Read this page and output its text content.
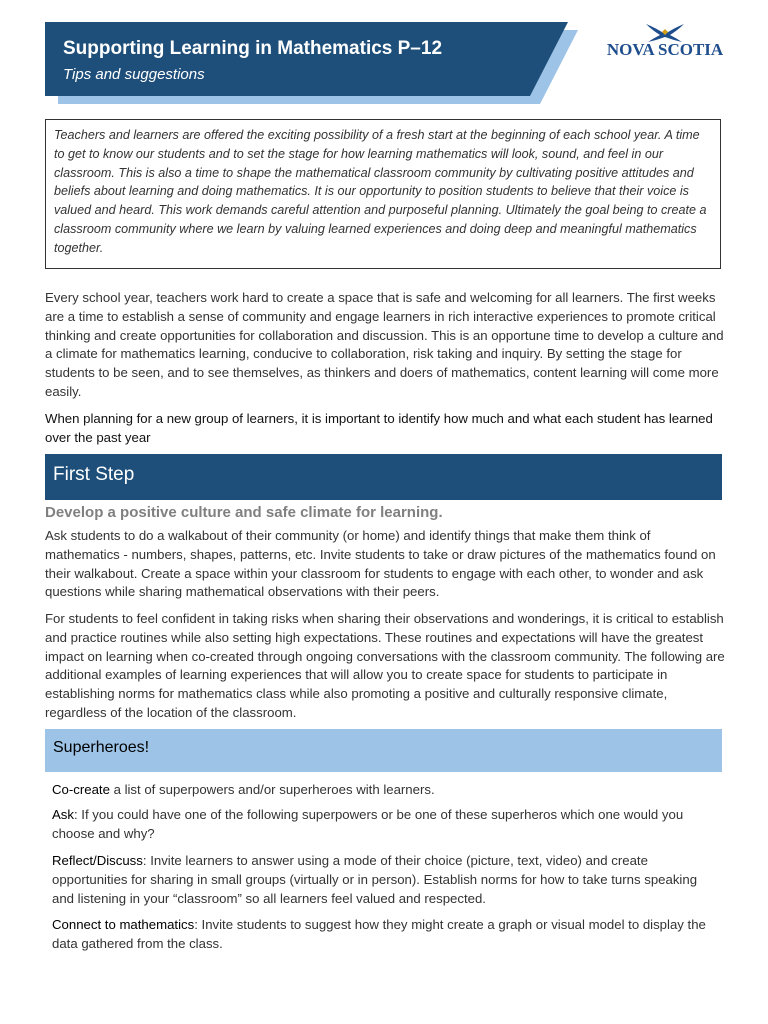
Supporting Learning in Mathematics P–12
Tips and suggestions
NOVA SCOTIA
Teachers and learners are offered the exciting possibility of a fresh start at the beginning of each school year. A time to get to know our students and to set the stage for how learning mathematics will look, sound, and feel in our classroom. This is also a time to shape the mathematical classroom community by cultivating positive attitudes and beliefs about learning and doing mathematics. It is our opportunity to position students to believe that their voice is valued and heard. This work demands careful attention and purposeful planning. Ultimately the goal being to create a classroom community where we learn by valuing learned experiences and doing deep and meaningful mathematics together.

Every school year, teachers work hard to create a space that is safe and welcoming for all learners. The first weeks are a time to establish a sense of community and engage learners in rich interactive experiences to promote critical thinking and create opportunities for collaboration and discussion. This is an opportune time to develop a culture and a climate for mathematics learning, conducive to collaboration, risk taking and inquiry. By setting the stage for students to be seen, and to see themselves, as thinkers and doers of mathematics, content learning will come more easily.

When planning for a new group of learners, it is important to identify how much and what each student has learned over the past year

First Step
Develop a positive culture and safe climate for learning.

Ask students to do a walkabout of their community (or home) and identify things that make them think of mathematics - numbers, shapes, patterns, etc. Invite students to take or draw pictures of the mathematics found on their walkabout. Create a space within your classroom for students to engage with each other, to wonder and ask questions while sharing mathematical observations with their peers.

For students to feel confident in taking risks when sharing their observations and wonderings, it is critical to establish and practice routines while also setting high expectations. These routines and expectations will have the greatest impact on learning when co-created through ongoing conversations with the classroom community. The following are additional examples of learning experiences that will allow you to create space for students to participate in establishing norms for mathematics class while also promoting a positive and culturally responsive climate, regardless of the location of the classroom.

Superheroes!

Co-create a list of superpowers and/or superheroes with learners.

Ask: If you could have one of the following superpowers or be one of these superheros which one would you choose and why?

Reflect/Discuss: Invite learners to answer using a mode of their choice (picture, text, video) and create opportunities for sharing in small groups (virtually or in person). Establish norms for how to take turns speaking and listening in your “classroom” so all learners feel valued and respected.

Connect to mathematics: Invite students to suggest how they might create a graph or visual model to display the data gathered from the class.
